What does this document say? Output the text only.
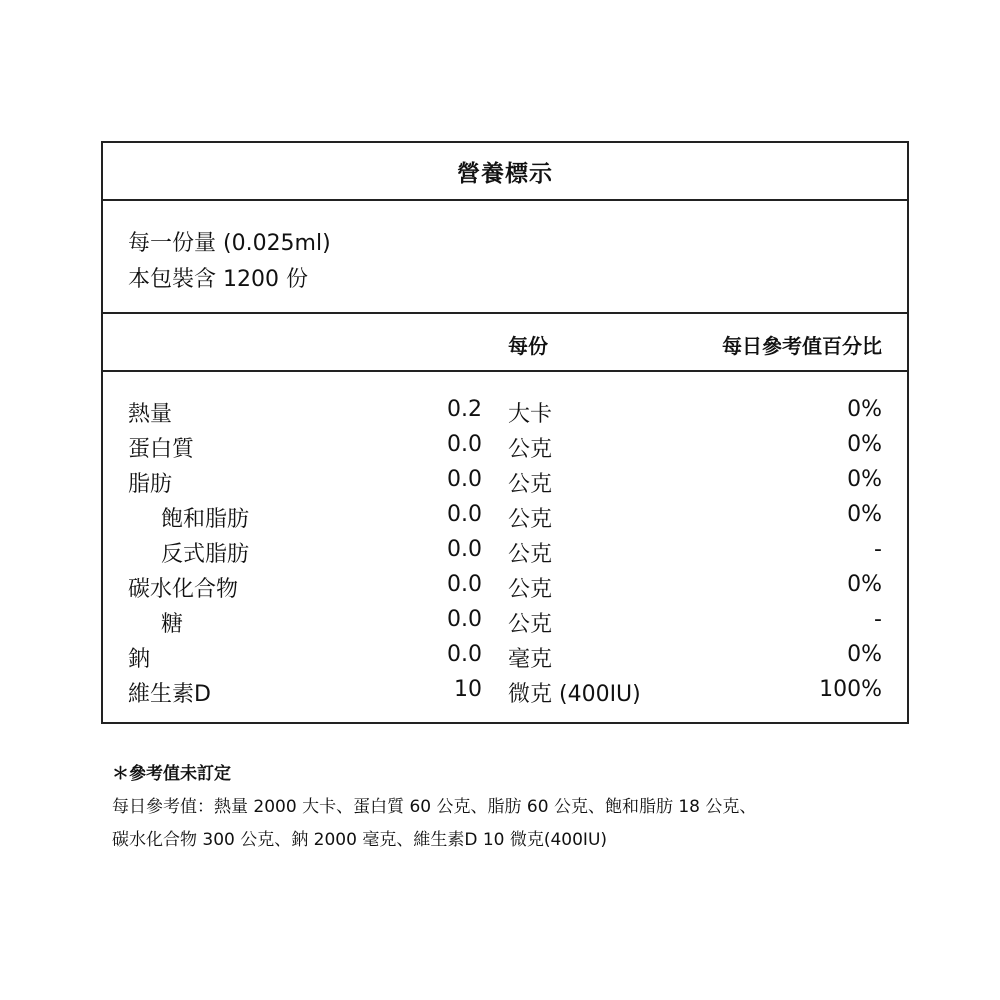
營養標示
每一份量 (0.025ml)
本包裝含 1200 份
每份	每日參考值百分比
熱量	0.2 大卡	0%
蛋白質	0.0 公克	0%
脂肪	0.0 公克	0%
飽和脂肪	0.0 公克	0%
反式脂肪	0.0 公克	-
碳水化合物	0.0 公克	0%
糖	0.0 公克	-
鈉	0.0 毫克	0%
維生素D	10 微克 (400IU)	100%
＊參考值未訂定
每日參考值：熱量 2000 大卡、蛋白質 60 公克、脂肪 60 公克、飽和脂肪 18 公克、
碳水化合物 300 公克、鈉 2000 毫克、維生素D 10 微克(400IU)
